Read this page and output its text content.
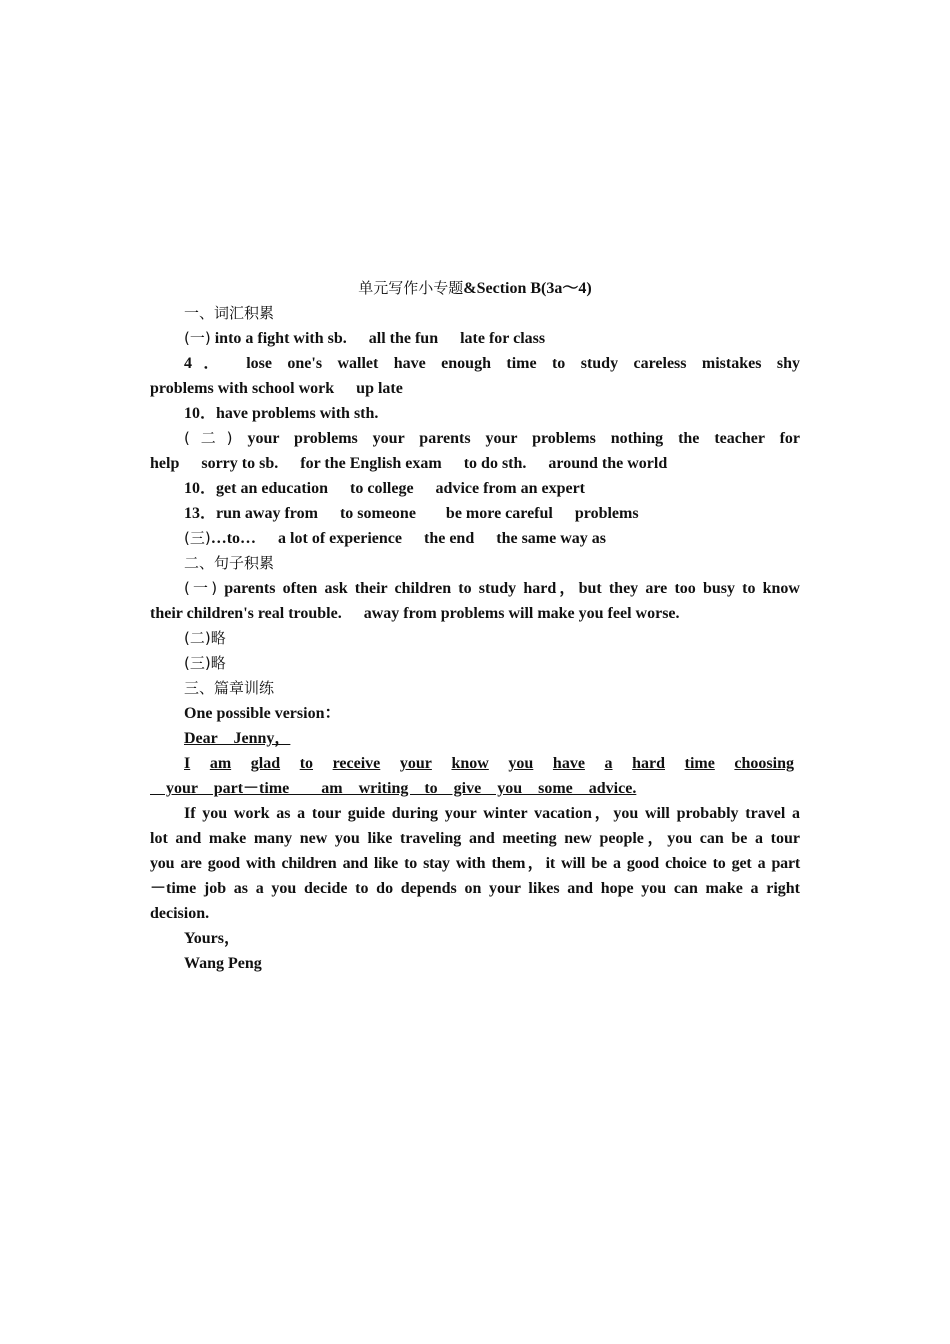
单元写作小专题&Section B(3a～4)
一、词汇积累
(一) into a fight with sb. all the fun late for class
4． lose one's wallet have enough time to study careless mistakes shy
problems with school work up late
10．have problems with sth.
(二) your problems your parents your problems nothing the teacher for
help sorry to sb. for the English exam to do sth. around the world
10．get an education to college advice from an expert
13．run away from to someone be more careful problems
(三)…to… a lot of experience the end the same way as
二、句子积累
(一) parents often ask their children to study hard，but they are too busy to know
their children's real trouble. away from problems will make you feel worse.
(二)略
(三)略
三、篇章训练
One possible version：
Dear　Jenny，
I am glad to receive your know you have a hard time choosing
　your　part－time　　am　writing　to　give　you　some　advice.
If you work as a tour guide during your winter vacation，you will probably travel a
lot and make many new you like traveling and meeting new people，you can be a tour
you are good with children and like to stay with them，it will be a good choice to get a part
－time job as a you decide to do depends on your likes and hope you can make a right
decision.
Yours，
Wang Peng
